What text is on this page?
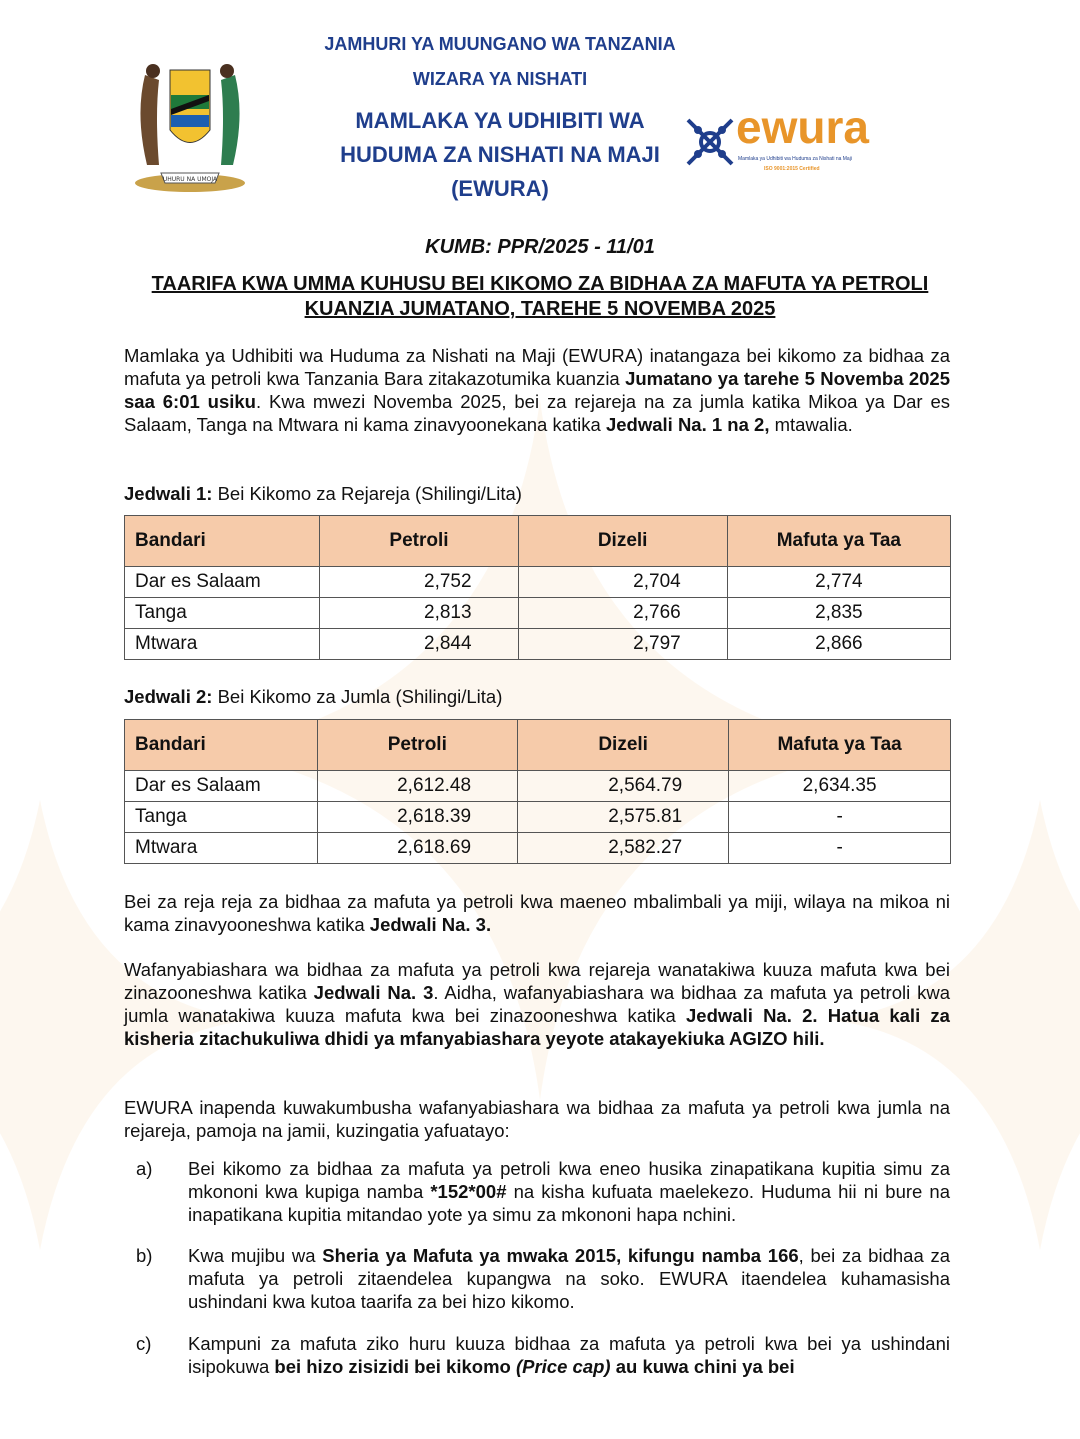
UHURU NA UMOJA
JAMHURI YA MUUNGANO WA TANZANIA
WIZARA YA NISHATI
MAMLAKA YA UDHIBITI WA
HUDUMA ZA NISHATI NA MAJI
(EWURA)
ewura
Mamlaka ya Udhibiti wa Huduma za Nishati na Maji
ISO 9001:2015 Certified
KUMB: PPR/2025 - 11/01
TAARIFA KWA UMMA KUHUSU BEI KIKOMO ZA BIDHAA ZA MAFUTA YA PETROLI KUANZIA JUMATANO, TAREHE 5 NOVEMBA 2025
Mamlaka ya Udhibiti wa Huduma za Nishati na Maji (EWURA) inatangaza bei kikomo za bidhaa za mafuta ya petroli kwa Tanzania Bara zitakazotumika kuanzia Jumatano ya tarehe 5 Novemba 2025 saa 6:01 usiku. Kwa mwezi Novemba 2025, bei za rejareja na za jumla katika Mikoa ya Dar es Salaam, Tanga na Mtwara ni kama zinavyoonekana katika Jedwali Na. 1 na 2, mtawalia.
Jedwali 1: Bei Kikomo za Rejareja (Shilingi/Lita)
Bandari	Petroli	Dizeli	Mafuta ya Taa
Dar es Salaam	2,752	2,704	2,774
Tanga	2,813	2,766	2,835
Mtwara	2,844	2,797	2,866
Jedwali 2: Bei Kikomo za Jumla (Shilingi/Lita)
Bandari	Petroli	Dizeli	Mafuta ya Taa
Dar es Salaam	2,612.48	2,564.79	2,634.35
Tanga	2,618.39	2,575.81	-
Mtwara	2,618.69	2,582.27	-
Bei za reja reja za bidhaa za mafuta ya petroli kwa maeneo mbalimbali ya miji, wilaya na mikoa ni kama zinavyooneshwa katika Jedwali Na. 3.
Wafanyabiashara wa bidhaa za mafuta ya petroli kwa rejareja wanatakiwa kuuza mafuta kwa bei zinazooneshwa katika Jedwali Na. 3. Aidha, wafanyabiashara wa bidhaa za mafuta ya petroli kwa jumla wanatakiwa kuuza mafuta kwa bei zinazooneshwa katika Jedwali Na. 2. Hatua kali za kisheria zitachukuliwa dhidi ya mfanyabiashara yeyote atakayekiuka AGIZO hili.
EWURA inapenda kuwakumbusha wafanyabiashara wa bidhaa za mafuta ya petroli kwa jumla na rejareja, pamoja na jamii, kuzingatia yafuatayo:
a) Bei kikomo za bidhaa za mafuta ya petroli kwa eneo husika zinapatikana kupitia simu za mkononi kwa kupiga namba *152*00# na kisha kufuata maelekezo. Huduma hii ni bure na inapatikana kupitia mitandao yote ya simu za mkononi hapa nchini.
b) Kwa mujibu wa Sheria ya Mafuta ya mwaka 2015, kifungu namba 166, bei za bidhaa za mafuta ya petroli zitaendelea kupangwa na soko. EWURA itaendelea kuhamasisha ushindani kwa kutoa taarifa za bei hizo kikomo.
c) Kampuni za mafuta ziko huru kuuza bidhaa za mafuta ya petroli kwa bei ya ushindani isipokuwa bei hizo zisizidi bei kikomo (Price cap) au kuwa chini ya bei
